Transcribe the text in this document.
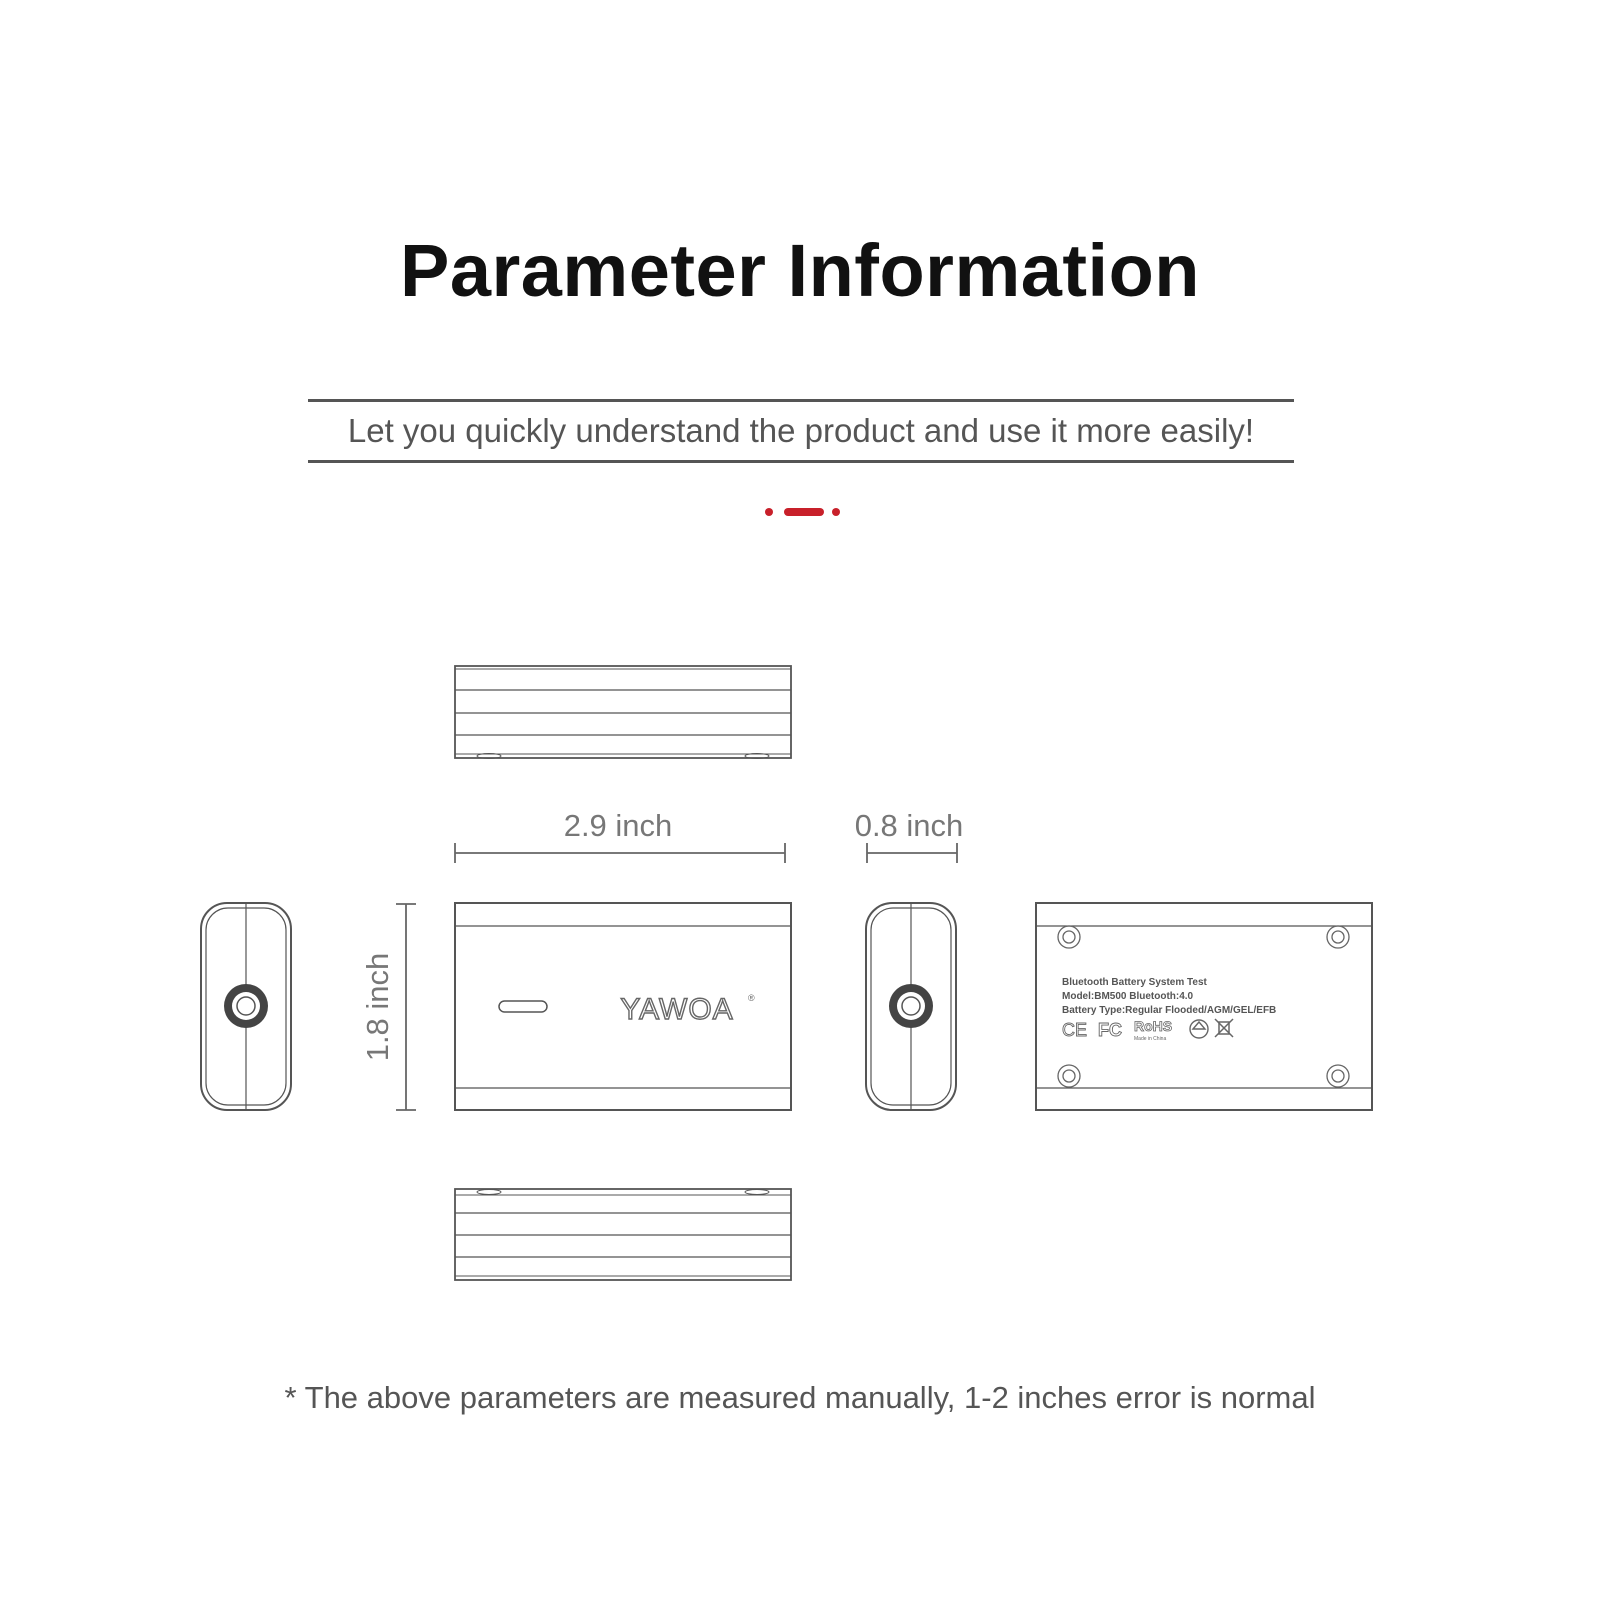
Parameter Information
Let you quickly understand the product and use it more easily!
2.9 inch	0.8 inch
1.8 inch	YAWOA ®
Bluetooth Battery System Test
Model:BM500 Bluetooth:4.0
Battery Type:Regular Flooded/AGM/GEL/EFB
CE FC RoHS
Made in China
* The above parameters are measured manually, 1-2 inches error is normal
